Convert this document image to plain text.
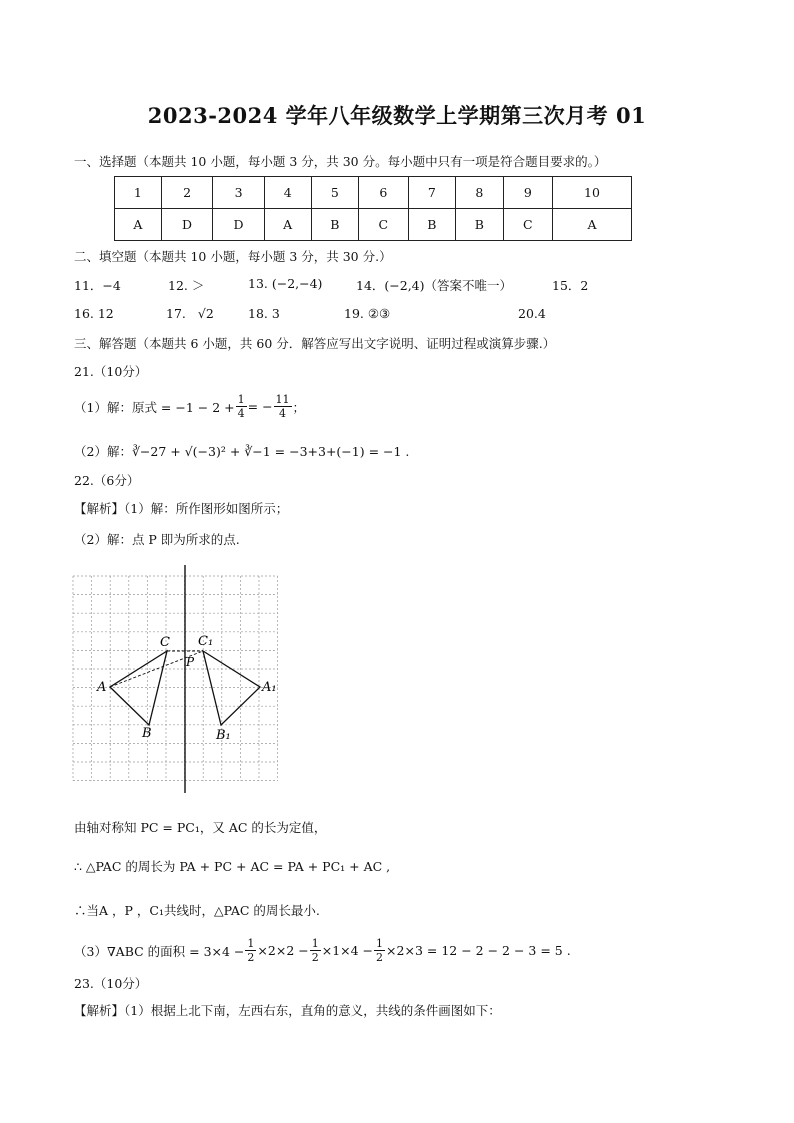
2023-2024 学年八年级数学上学期第三次月考 01
一、选择题（本题共 10 小题，每小题 3 分，共 30 分。每小题中只有一项是符合题目要求的。）
1	2	3	4	5	6	7	8	9	10
A	D	D	A	B	C	B	B	C	A
二、填空题（本题共 10 小题，每小题 3 分，共 30 分.）
11．−4	12. ＞	13. (−2,−4)	14．(−2,4)（答案不唯一）	15．2
16. 12	17. √2	18. 3	19. ②③	20.4
三、解答题（本题共 6 小题，共 60 分．解答应写出文字说明、证明过程或演算步骤.）
21.（10分）
（1）解：原式 = $-1 - 2 + \frac{1}{4}$ = − $\frac{11}{4}$ ；
（2）解：∛−27 + √(−3)² + ∛−1 = −3+3+(−1) = −1 .
22.（6分）
【解析】（1）解：所作图形如图所示；
（2）解：点 P 即为所求的点.
A
B
C
P
A₁
B₁
C₁
由轴对称知 PC = PC₁，又 AC 的长为定值，
∴ △PAC 的周长为 PA + PC + AC = PA + PC₁ + AC ,
∴当A ，P ，C₁共线时，△PAC 的周长最小.
（3）∇ABC 的面积 = $3\times 4 - \frac{1}{2} \times 2\times 2 - \frac{1}{2} \times 1\times 4 - \frac{1}{2} \times 2\times 3 = 12 - 2 - 2 - 3 = 5$ .
23.（10分）
【解析】（1）根据上北下南，左西右东，直角的意义，共线的条件画图如下：
